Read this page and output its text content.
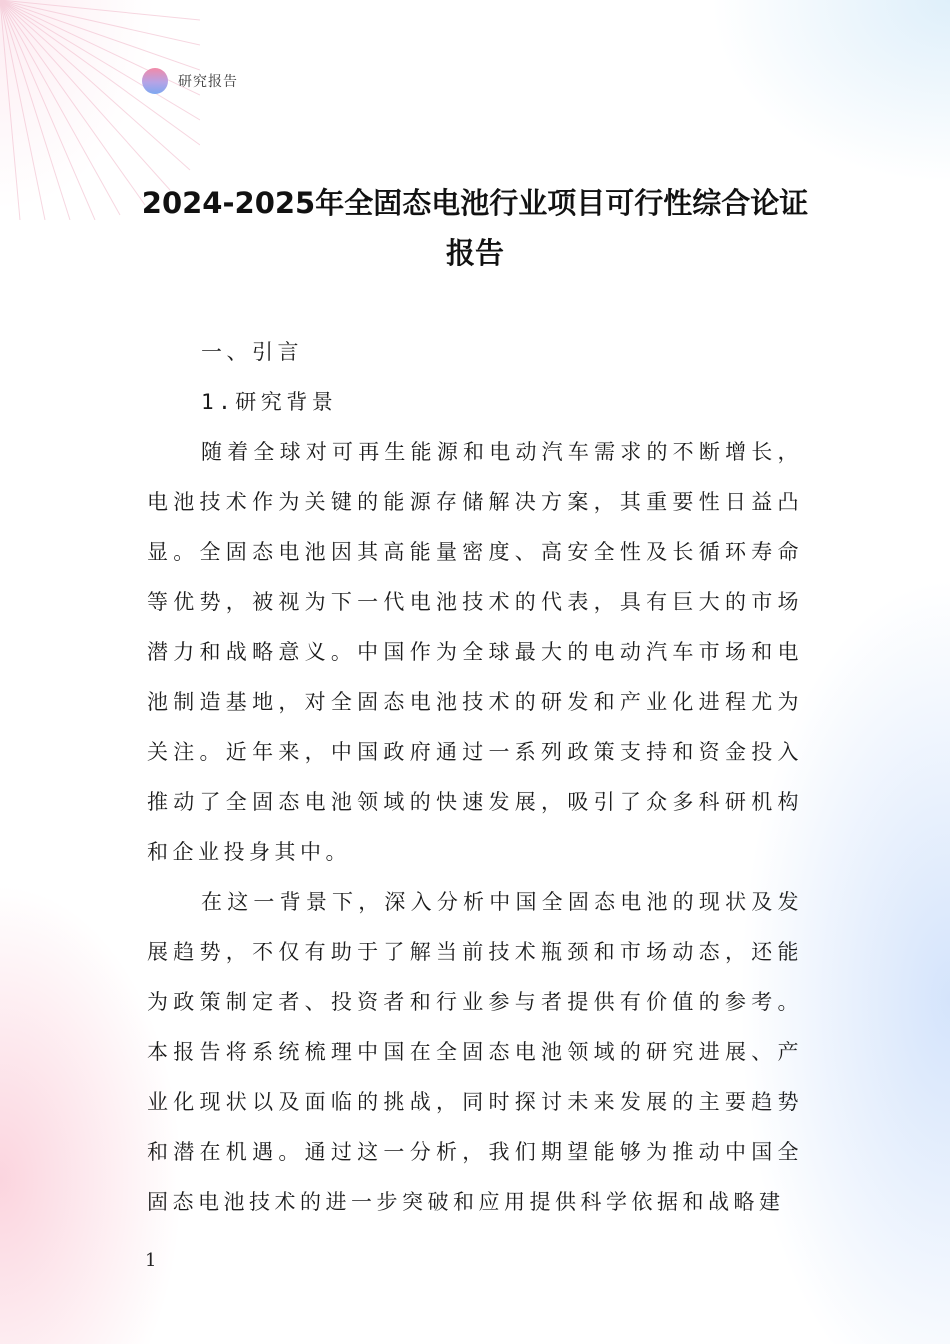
研究报告
2024-2025年全固态电池行业项目可行性综合论证报告
一、引言
1.研究背景

随着全球对可再生能源和电动汽车需求的不断增长，电池技术作为关键的能源存储解决方案，其重要性日益凸显。全固态电池因其高能量密度、高安全性及长循环寿命等优势，被视为下一代电池技术的代表，具有巨大的市场潜力和战略意义。中国作为全球最大的电动汽车市场和电池制造基地，对全固态电池技术的研发和产业化进程尤为关注。近年来，中国政府通过一系列政策支持和资金投入推动了全固态电池领域的快速发展，吸引了众多科研机构和企业投身其中。

在这一背景下，深入分析中国全固态电池的现状及发展趋势，不仅有助于了解当前技术瓶颈和市场动态，还能为政策制定者、投资者和行业参与者提供有价值的参考。本报告将系统梳理中国在全固态电池领域的研究进展、产业化现状以及面临的挑战，同时探讨未来发展的主要趋势和潜在机遇。通过这一分析，我们期望能够为推动中国全固态电池技术的进一步突破和应用提供科学依据和战略建

1
